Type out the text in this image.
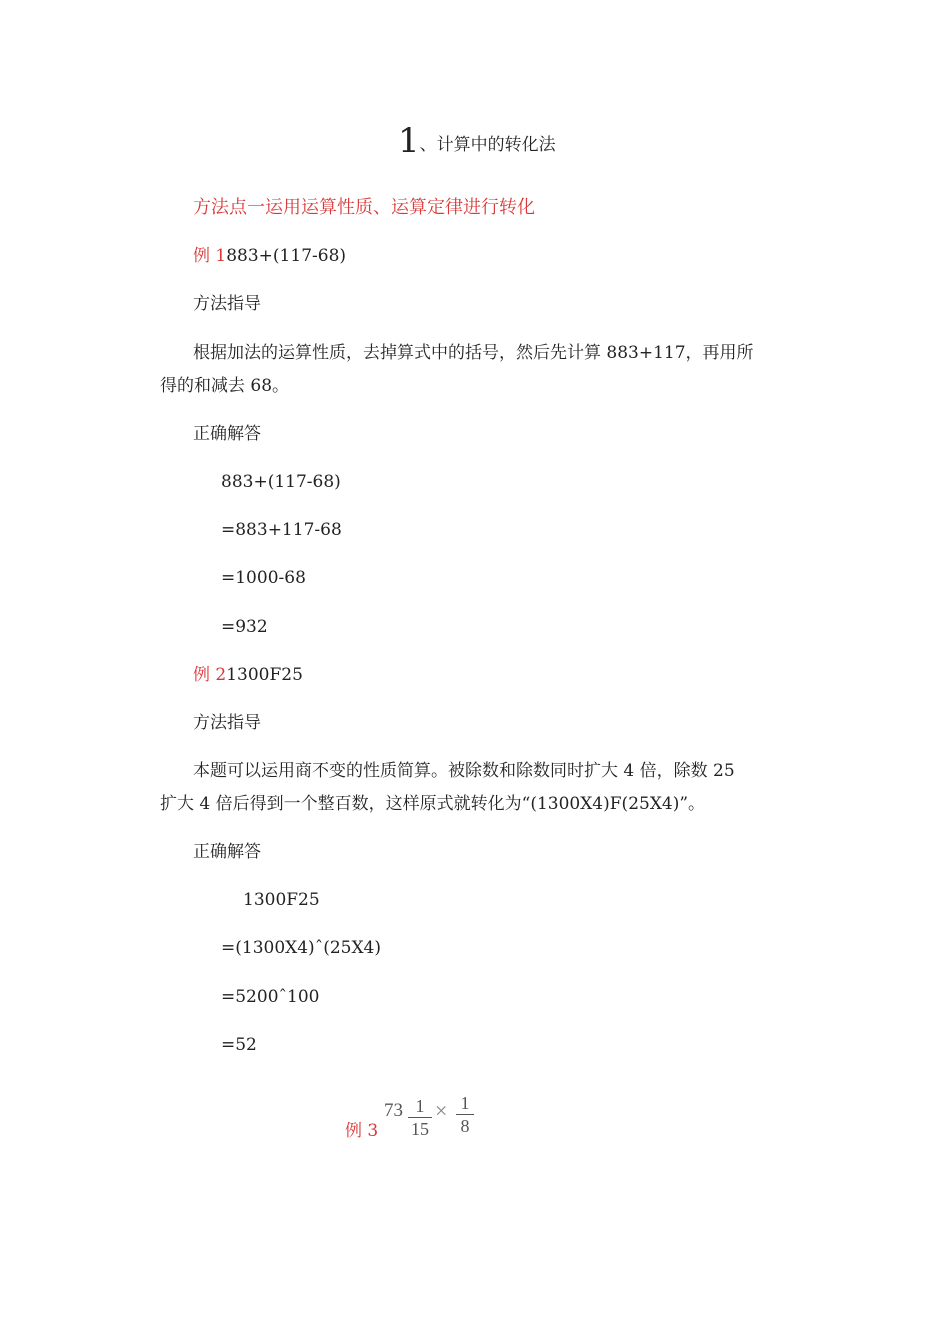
1、计算中的转化法
方法点一运用运算性质、运算定律进行转化
例 1883+(117-68)
方法指导
根据加法的运算性质，去掉算式中的括号，然后先计算 883+117，再用所
得的和减去 68。
正确解答
883+(117-68)
=883+117-68
=1000-68
=932
例 21300F25
方法指导
本题可以运用商不变的性质简算。被除数和除数同时扩大 4 倍，除数 25
扩大 4 倍后得到一个整百数，这样原式就转化为“(1300X4)F(25X4)”。
正确解答
1300F25
=(1300X4)ˆ(25X4)
=5200ˆ100
=52
例 3
73 1
15
× 1
8
